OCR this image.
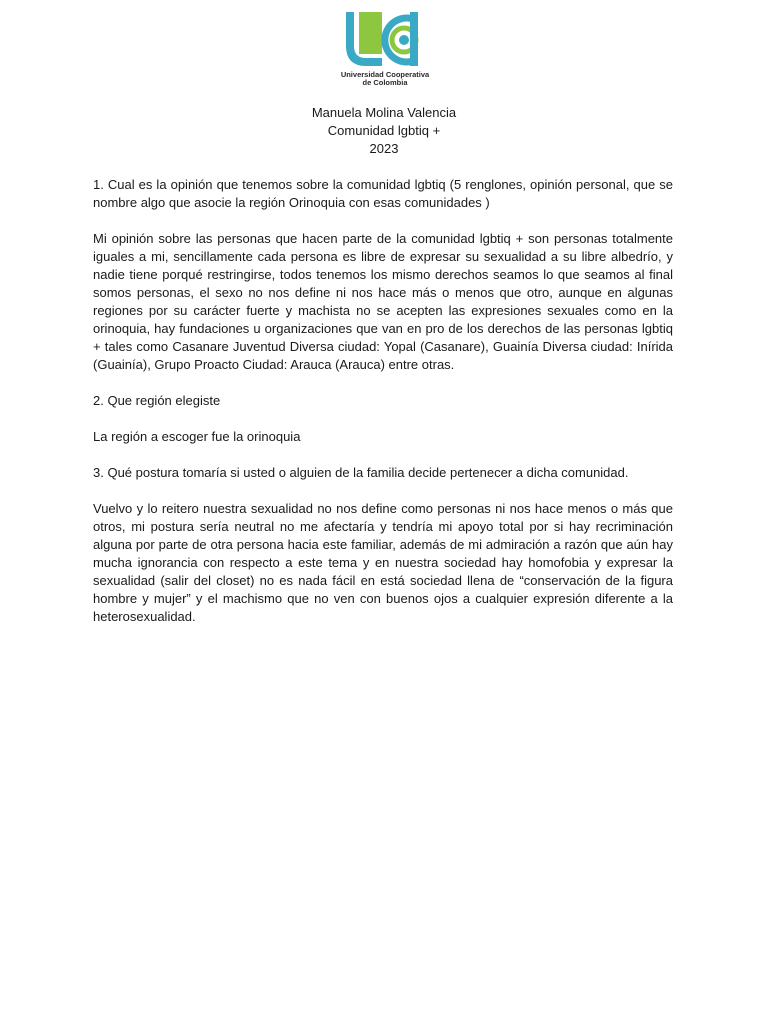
Universidad Cooperativa
de Colombia
Manuela Molina Valencia
Comunidad lgbtiq +
2023

1. Cual es la opinión que tenemos sobre la comunidad lgbtiq (5 renglones, opinión personal, que se nombre algo que asocie la región Orinoquia con esas comunidades )

Mi opinión sobre las personas que hacen parte de la comunidad lgbtiq + son personas totalmente iguales a mi, sencillamente cada persona es libre de expresar su sexualidad a su libre albedrío, y nadie tiene porqué restringirse, todos tenemos los mismo derechos seamos lo que seamos al final somos personas, el sexo no nos define ni nos hace más o menos que otro, aunque en algunas regiones por su carácter fuerte y machista no se acepten las expresiones sexuales como en la orinoquia, hay fundaciones u organizaciones que van en pro de los derechos de las personas lgbtiq + tales como Casanare Juventud Diversa ciudad: Yopal (Casanare), Guainía Diversa ciudad: Inírida (Guainía), Grupo Proacto Ciudad: Arauca (Arauca) entre otras.

2. Que región elegiste

La región a escoger fue la orinoquia

3. Qué postura tomaría si usted o alguien de la familia decide pertenecer a dicha comunidad.

Vuelvo y lo reitero nuestra sexualidad no nos define como personas ni nos hace menos o más que otros, mi postura sería neutral no me afectaría y tendría mi apoyo total por si hay recriminación alguna por parte de otra persona hacia este familiar, además de mi admiración a razón que aún hay mucha ignorancia con respecto a este tema y en nuestra sociedad hay homofobia y expresar la sexualidad (salir del closet) no es nada fácil en está sociedad llena de “conservación de la figura hombre y mujer” y el machismo que no ven con buenos ojos a cualquier expresión diferente a la heterosexualidad.
